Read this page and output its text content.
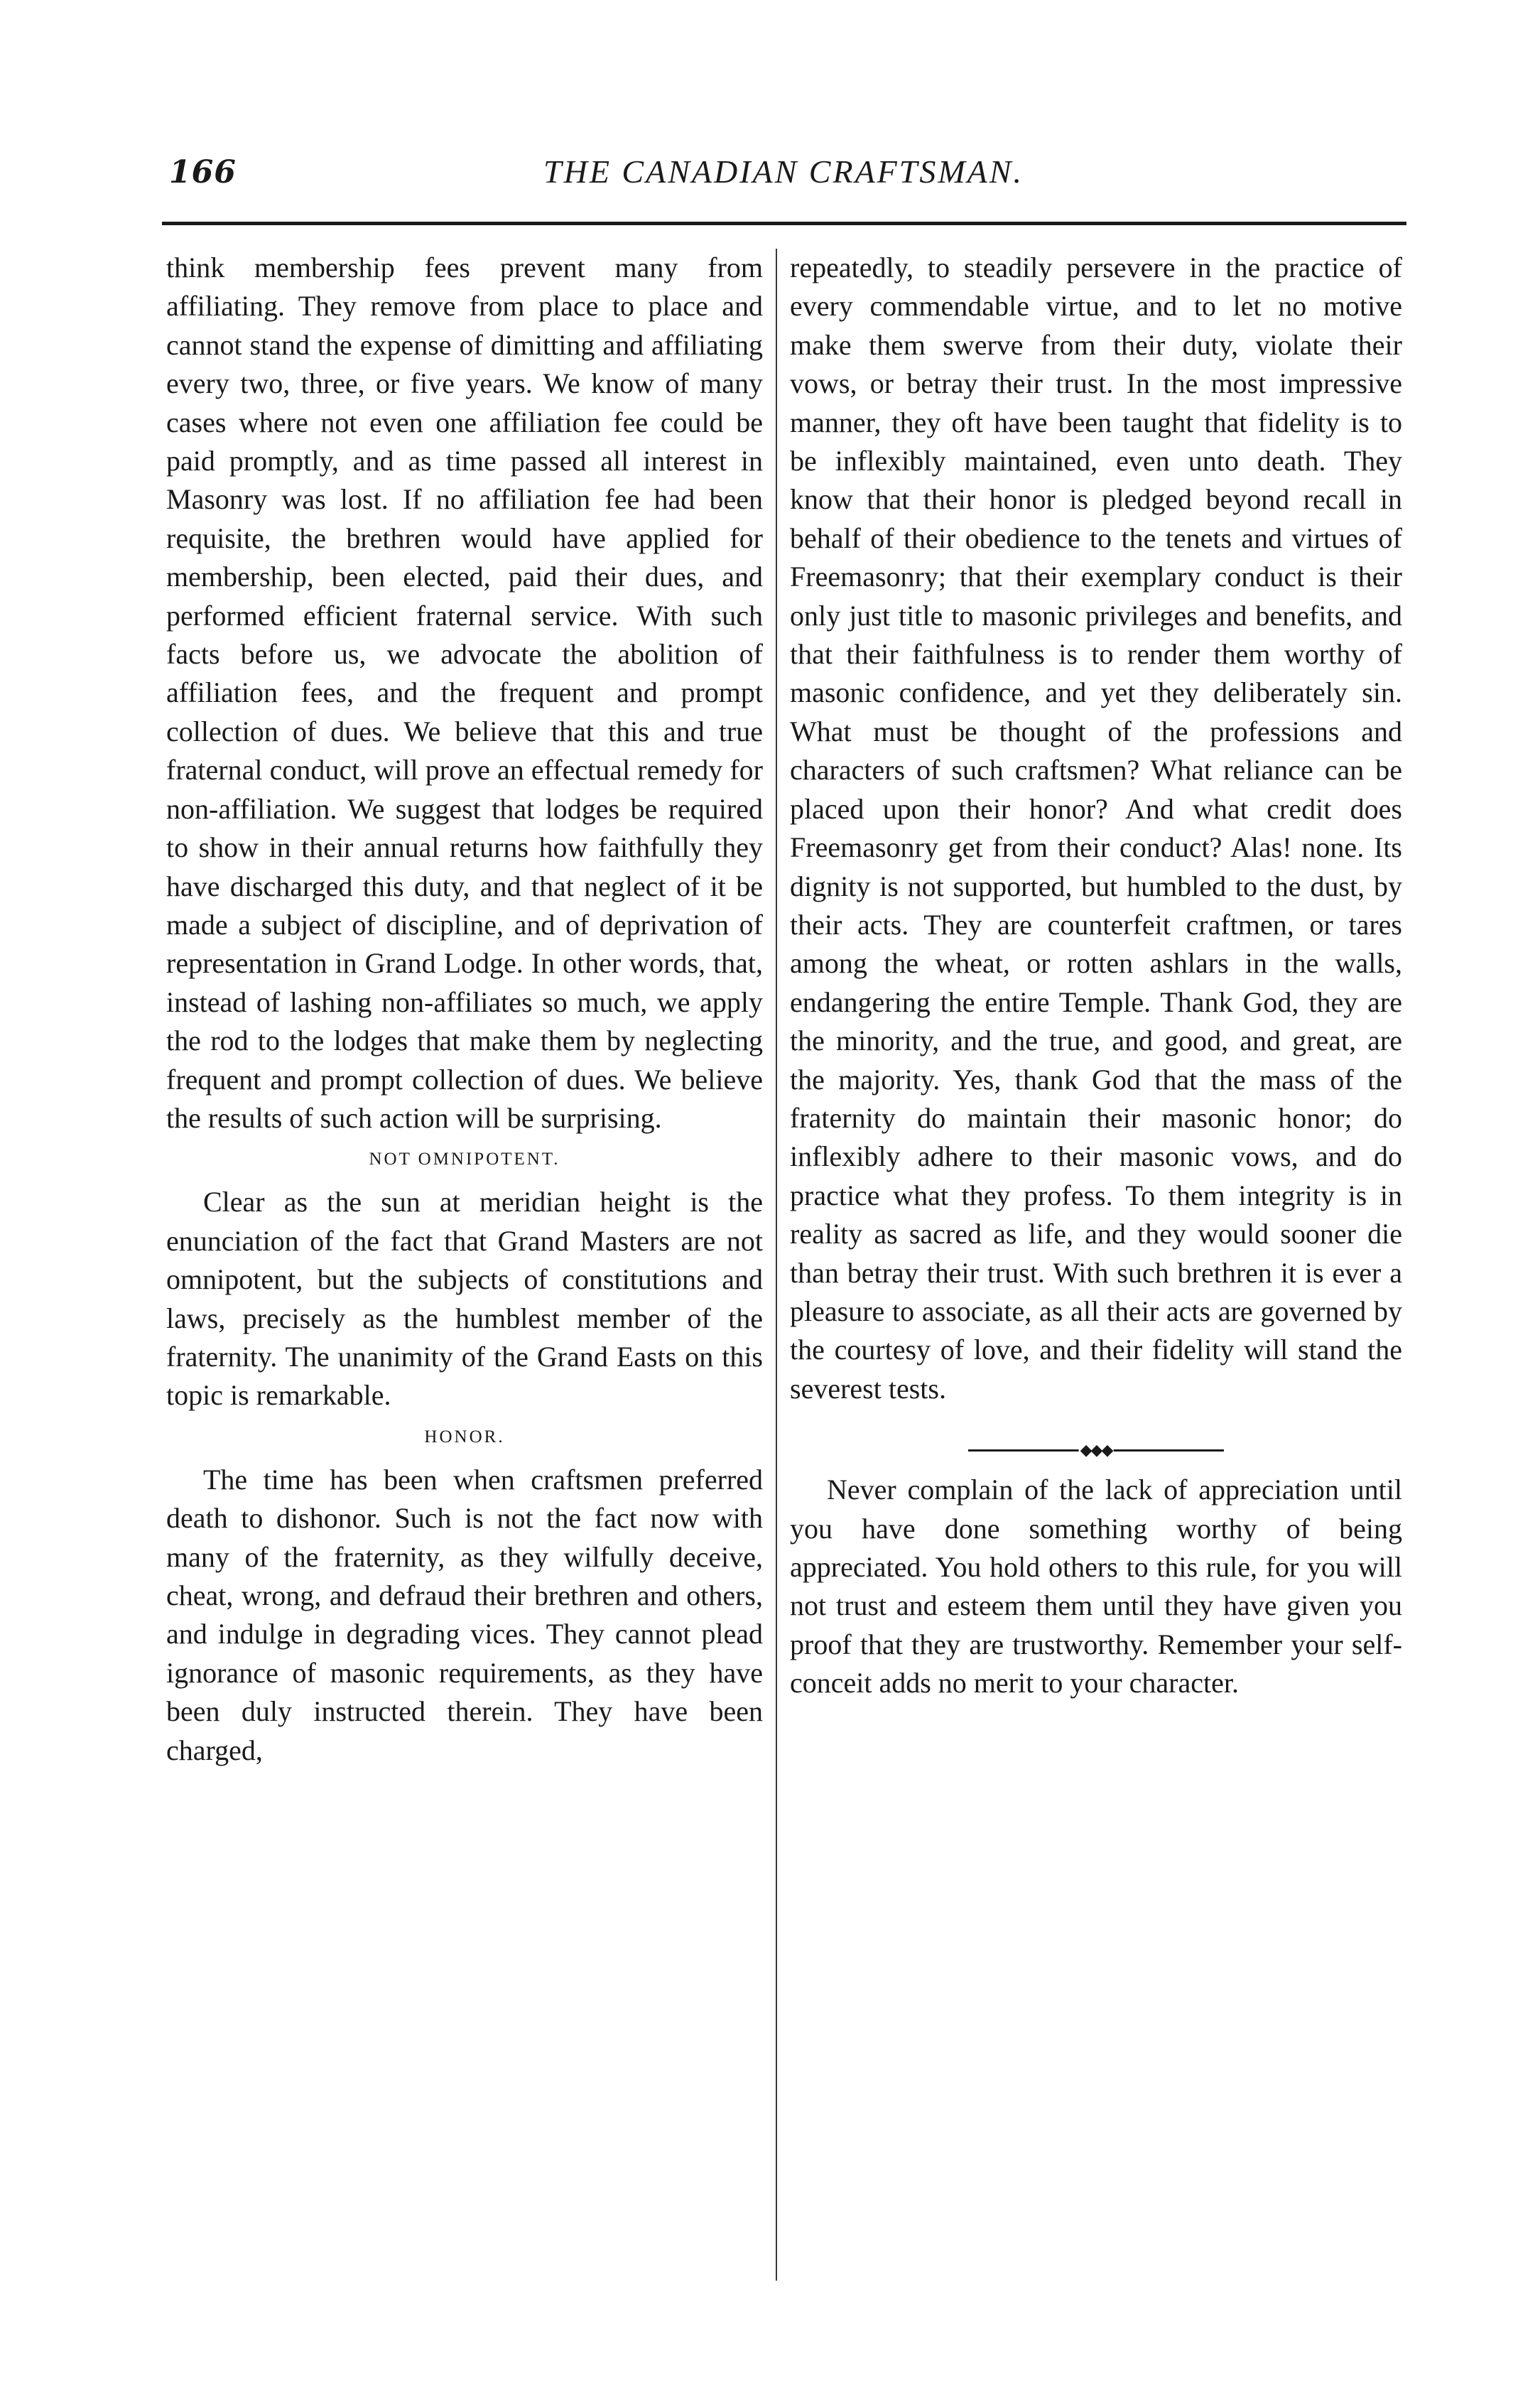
166	THE CANADIAN CRAFTSMAN.

think membership fees prevent many from affiliating. They remove from place to place and cannot stand the expense of dimitting and affiliating every two, three, or five years. We know of many cases where not even one affiliation fee could be paid promptly, and as time passed all interest in Masonry was lost. If no affiliation fee had been requisite, the brethren would have applied for membership, been elected, paid their dues, and performed efficient fraternal service. With such facts before us, we advocate the abolition of affiliation fees, and the frequent and prompt collection of dues. We believe that this and true fraternal conduct, will prove an effectual remedy for non-affiliation. We suggest that lodges be required to show in their annual returns how faithfully they have discharged this duty, and that neglect of it be made a subject of discipline, and of deprivation of representation in Grand Lodge. In other words, that, instead of lashing non-affiliates so much, we apply the rod to the lodges that make them by neglecting frequent and prompt collection of dues. We believe the results of such action will be surprising.

NOT OMNIPOTENT.

Clear as the sun at meridian height is the enunciation of the fact that Grand Masters are not omnipotent, but the subjects of constitutions and laws, precisely as the humblest member of the fraternity. The unanimity of the Grand Easts on this topic is remarkable.

HONOR.

The time has been when craftsmen preferred death to dishonor. Such is not the fact now with many of the fraternity, as they wilfully deceive, cheat, wrong, and defraud their brethren and others, and indulge in degrading vices. They cannot plead ignorance of masonic requirements, as they have been duly instructed therein. They have been charged,

repeatedly, to steadily persevere in the practice of every commendable virtue, and to let no motive make them swerve from their duty, violate their vows, or betray their trust. In the most impressive manner, they oft have been taught that fidelity is to be inflexibly maintained, even unto death. They know that their honor is pledged beyond recall in behalf of their obedience to the tenets and virtues of Freemasonry; that their exemplary conduct is their only just title to masonic privileges and benefits, and that their faithfulness is to render them worthy of masonic confidence, and yet they deliberately sin. What must be thought of the professions and characters of such craftsmen? What reliance can be placed upon their honor? And what credit does Freemasonry get from their conduct? Alas! none. Its dignity is not supported, but humbled to the dust, by their acts. They are counterfeit craftmen, or tares among the wheat, or rotten ashlars in the walls, endangering the entire Temple. Thank God, they are the minority, and the true, and good, and great, are the majority. Yes, thank God that the mass of the fraternity do maintain their masonic honor; do inflexibly adhere to their masonic vows, and do practice what they profess. To them integrity is in reality as sacred as life, and they would sooner die than betray their trust. With such brethren it is ever a pleasure to associate, as all their acts are governed by the courtesy of love, and their fidelity will stand the severest tests.

◆◆◆

Never complain of the lack of appreciation until you have done something worthy of being appreciated. You hold others to this rule, for you will not trust and esteem them until they have given you proof that they are trustworthy. Remember your self-conceit adds no merit to your character.
